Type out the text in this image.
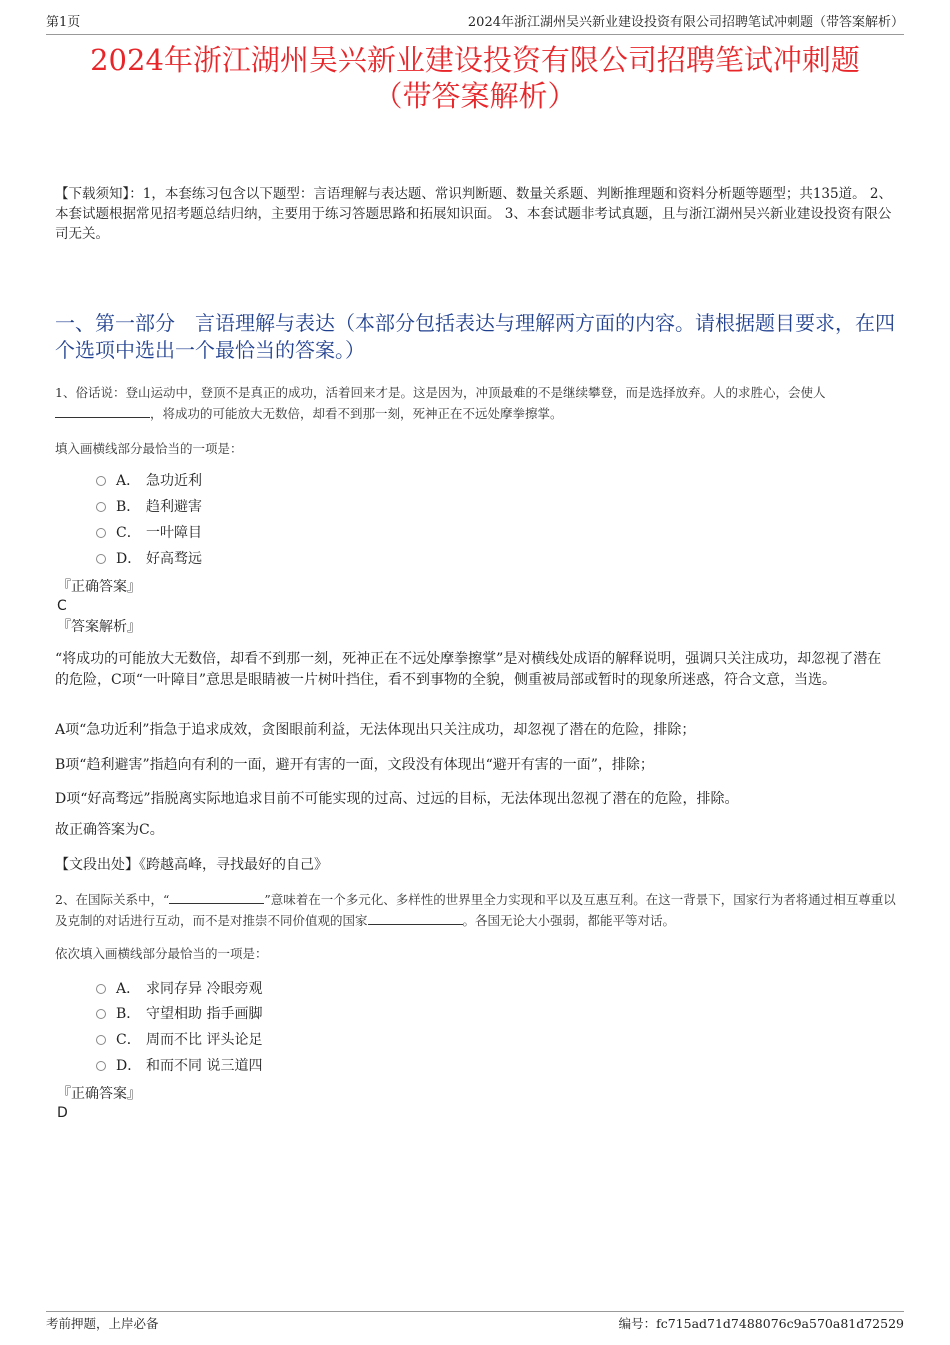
第1页	2024年浙江湖州吴兴新业建设投资有限公司招聘笔试冲刺题（带答案解析）
2024年浙江湖州吴兴新业建设投资有限公司招聘笔试冲刺题
（带答案解析）
【下载须知】：1，本套练习包含以下题型：言语理解与表达题、常识判断题、数量关系题、判断推理题和资料分析题等题型；共135道。 2、本套试题根据常见招考题总结归纳，主要用于练习答题思路和拓展知识面。 3、本套试题非考试真题，且与浙江湖州吴兴新业建设投资有限公司无关。
一、第一部分　言语理解与表达（本部分包括表达与理解两方面的内容。请根据题目要求，在四个选项中选出一个最恰当的答案。）
1、俗话说：登山运动中，登顶不是真正的成功，活着回来才是。这是因为，冲顶最难的不是继续攀登，而是选择放弃。人的求胜心，会使人
，将成功的可能放大无数倍，却看不到那一刻，死神正在不远处摩拳擦掌。
填入画横线部分最恰当的一项是：
A． 急功近利
B． 趋利避害
C． 一叶障目
D． 好高骛远
『正确答案』
C
『答案解析』
“将成功的可能放大无数倍，却看不到那一刻，死神正在不远处摩拳擦掌”是对横线处成语的解释说明，强调只关注成功，却忽视了潜在的危险，C项“一叶障目”意思是眼睛被一片树叶挡住，看不到事物的全貌，侧重被局部或暂时的现象所迷惑，符合文意，当选。
A项“急功近利”指急于追求成效，贪图眼前利益，无法体现出只关注成功，却忽视了潜在的危险，排除；
B项“趋利避害”指趋向有利的一面，避开有害的一面，文段没有体现出“避开有害的一面”，排除；
D项“好高骛远”指脱离实际地追求目前不可能实现的过高、过远的目标，无法体现出忽视了潜在的危险，排除。
故正确答案为C。
【文段出处】《跨越高峰，寻找最好的自己》
2、在国际关系中，“	”意味着在一个多元化、多样性的世界里全力实现和平以及互惠互利。在这一背景下，国家行为者将通过相互尊重以及克制的对话进行互动，而不是对推崇不同价值观的国家	。各国无论大小强弱，都能平等对话。
依次填入画横线部分最恰当的一项是：
A． 求同存异 冷眼旁观
B． 守望相助 指手画脚
C． 周而不比 评头论足
D． 和而不同 说三道四
『正确答案』
D
考前押题，上岸必备	编号：fc715ad71d7488076c9a570a81d72529
